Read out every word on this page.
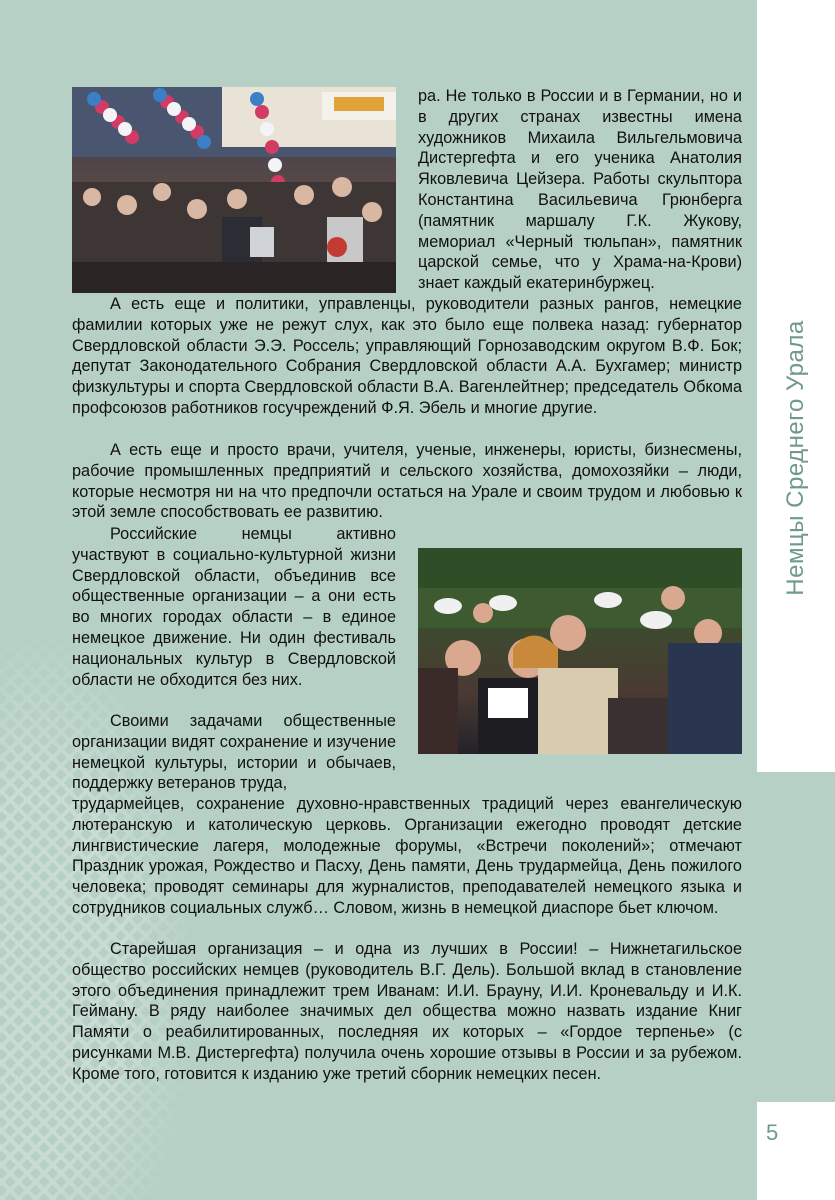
Немцы Среднего Урала
5

ра. Не только в России и в Германии, но и в других странах известны имена художников Михаила Вильгельмовича Дистергефта и его ученика Анатолия Яковлевича Цейзера. Работы скульптора Константина Васильевича Грюнберга (памятник маршалу Г.К. Жукову, мемориал «Черный тюльпан», памятник царской семье, что у Храма-на-Крови) знает каждый екатеринбуржец.

А есть еще и политики, управленцы, руководители разных рангов, немецкие фамилии которых уже не режут слух, как это было еще полвека назад: губернатор Свердловской области Э.Э. Россель; управляющий Горнозаводским округом В.Ф. Бок; депутат Законодательного Собрания Свердловской области А.А. Бухгамер; министр физкультуры и спорта Свердловской области В.А. Вагенлейтнер; председатель Обкома профсоюзов работников госучреждений Ф.Я. Эбель и многие другие.

А есть еще и просто врачи, учителя, ученые, инженеры, юристы, бизнесмены, рабочие промышленных предприятий и сельского хозяйства, домохозяйки – люди, которые несмотря ни на что предпочли остаться на Урале и своим трудом и любовью к этой земле способствовать ее развитию.

Российские немцы активно участвуют в социально-культурной жизни Свердловской области, объединив все общественные организации – а они есть во многих городах области – в единое немецкое движение. Ни один фестиваль национальных культур в Свердловской области не обходится без них.

Своими задачами общественные организации видят сохранение и изучение немецкой культуры, истории и обычаев, поддержку ветеранов труда,

трудармейцев, сохранение духовно-нравственных традиций через евангелическую лютеранскую и католическую церковь. Организации ежегодно проводят детские лингвистические лагеря, молодежные форумы, «Встречи поколений»; отмечают Праздник урожая, Рождество и Пасху, День памяти, День трудармейца, День пожилого человека; проводят семинары для журналистов, преподавателей немецкого языка и сотрудников социальных служб… Словом, жизнь в немецкой диаспоре бьет ключом.

Старейшая организация – и одна из лучших в России! – Нижнетагильское общество российских немцев (руководитель В.Г. Дель). Большой вклад в становление этого объединения принадлежит трем Иванам: И.И. Брауну, И.И. Кроневальду и И.К. Гейману. В ряду наиболее значимых дел общества можно назвать издание Книг Памяти о реабилитированных, последняя их которых – «Гордое терпенье» (с рисунками М.В. Дистергефта) получила очень хорошие отзывы в России и за рубежом. Кроме того, готовится к изданию уже третий сборник немецких песен.
